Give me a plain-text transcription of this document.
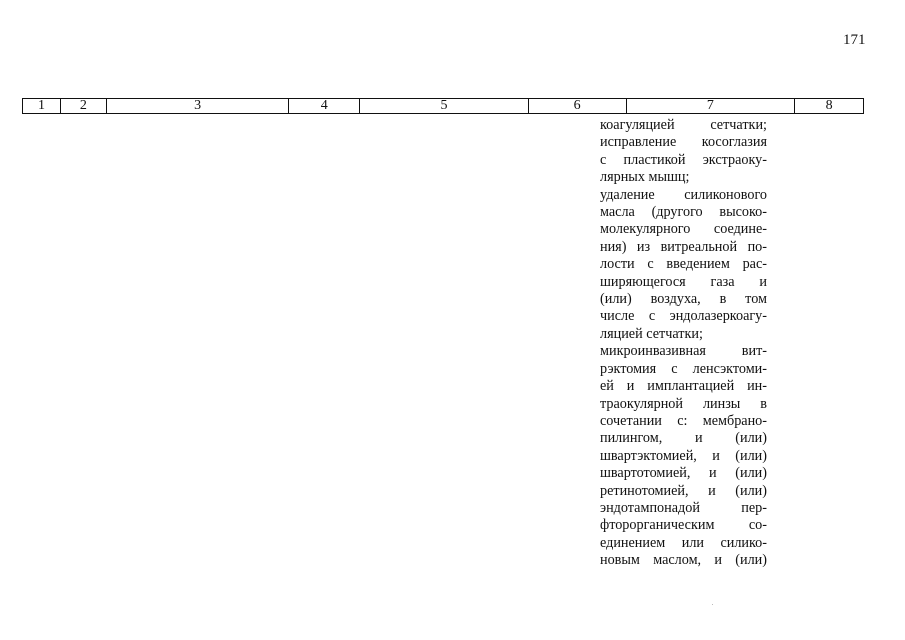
171
1	2	3	4	5	6	7	8
коагуляцией сетчатки;
исправление косоглазия
с пластикой экстраоку-
лярных мышц;
удаление силиконового
масла (другого высоко-
молекулярного соедине-
ния) из витреальной по-
лости с введением рас-
ширяющегося газа и
(или) воздуха, в том
числе с эндолазеркоагу-
ляцией сетчатки;
микроинвазивная вит-
рэктомия с ленсэктоми-
ей и имплантацией ин-
траокулярной линзы в
сочетании с: мембрано-
пилингом, и (или)
швартэктомией, и (или)
швартотомией, и (или)
ретинотомией, и (или)
эндотампонадой пер-
фторорганическим со-
единением или силико-
новым маслом, и (или)
